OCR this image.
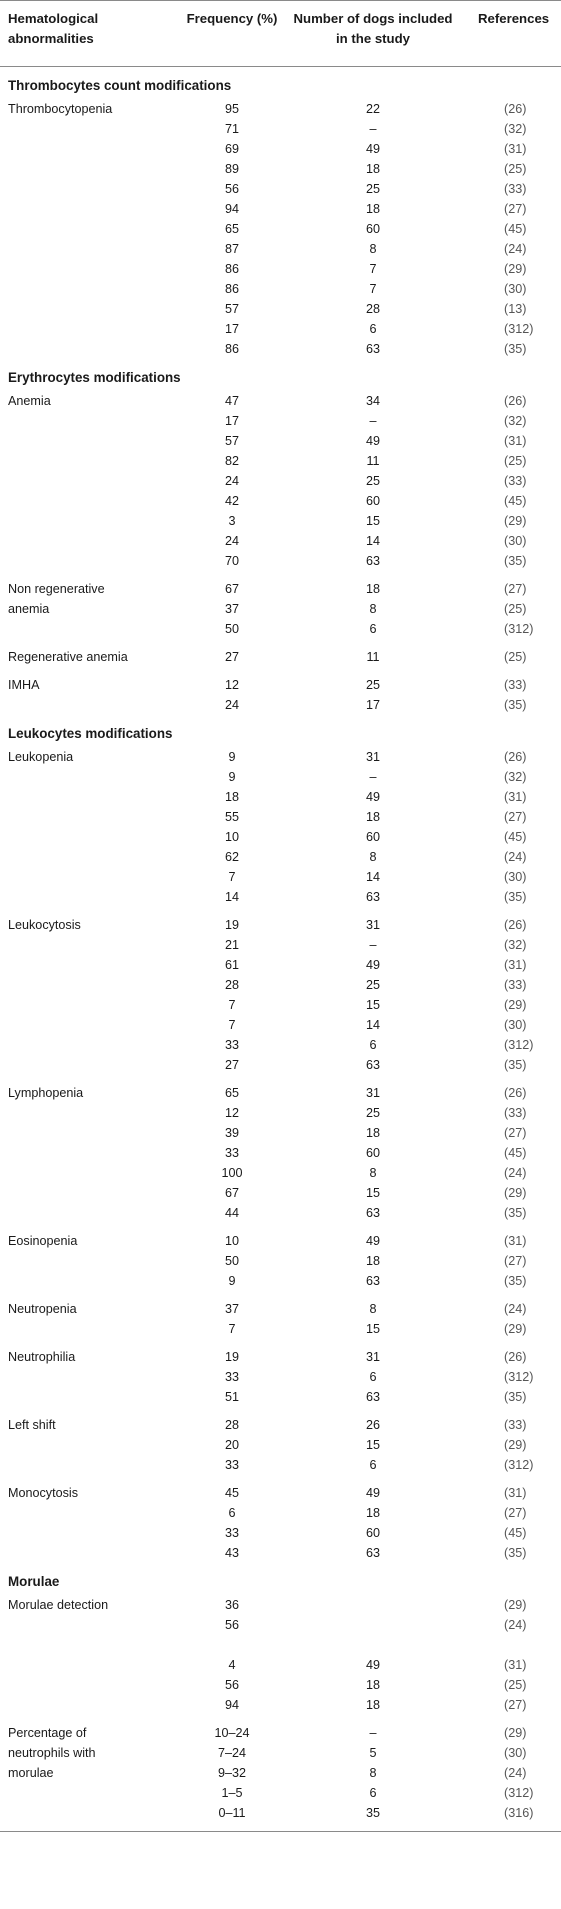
Hematological abnormalities	Frequency (%)	Number of dogs included in the study	References
Thrombocytes count modifications			
Thrombocytopenia	95	22	(26)
	71	–	(32)
	69	49	(31)
	89	18	(25)
	56	25	(33)
	94	18	(27)
	65	60	(45)
	87	8	(24)
	86	7	(29)
	86	7	(30)
	57	28	(13)
	17	6	(312)
	86	63	(35)
Erythrocytes modifications			
Anemia	47	34	(26)
	17	–	(32)
	57	49	(31)
	82	11	(25)
	24	25	(33)
	42	60	(45)
	3	15	(29)
	24	14	(30)
	70	63	(35)
Non regenerative	67	18	(27)
anemia	37	8	(25)
	50	6	(312)
Regenerative anemia	27	11	(25)
IMHA	12	25	(33)
	24	17	(35)
Leukocytes modifications			
Leukopenia	9	31	(26)
	9	–	(32)
	18	49	(31)
	55	18	(27)
	10	60	(45)
	62	8	(24)
	7	14	(30)
	14	63	(35)
Leukocytosis	19	31	(26)
	21	–	(32)
	61	49	(31)
	28	25	(33)
	7	15	(29)
	7	14	(30)
	33	6	(312)
	27	63	(35)
Lymphopenia	65	31	(26)
	12	25	(33)
	39	18	(27)
	33	60	(45)
	100	8	(24)
	67	15	(29)
	44	63	(35)
Eosinopenia	10	49	(31)
	50	18	(27)
	9	63	(35)
Neutropenia	37	8	(24)
	7	15	(29)
Neutrophilia	19	31	(26)
	33	6	(312)
	51	63	(35)
Left shift	28	26	(33)
	20	15	(29)
	33	6	(312)
Monocytosis	45	49	(31)
	6	18	(27)
	33	60	(45)
	43	63	(35)
Morulae			
Morulae detection	36		(29)
	56		(24)

	4	49	(31)
	56	18	(25)
	94	18	(27)
Percentage of	10–24	–	(29)
neutrophils with	7–24	5	(30)
morulae	9–32	8	(24)
	1–5	6	(312)
	0–11	35	(316)
